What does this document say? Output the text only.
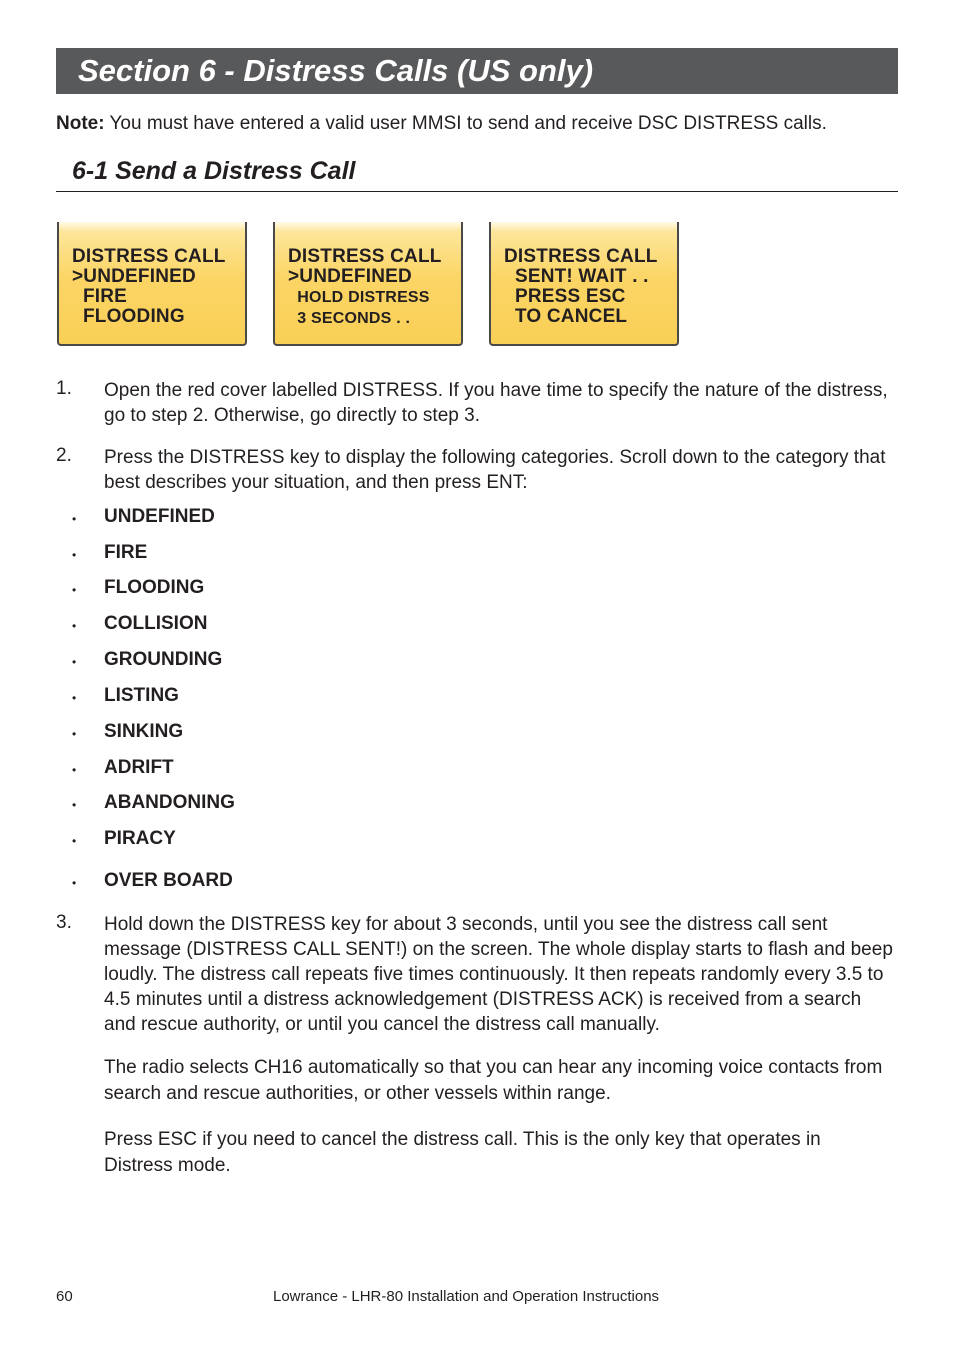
Section 6 - Distress Calls (US only)

Note: You must have entered a valid user MMSI to send and receive DSC DISTRESS calls.

6-1 Send a Distress Call
DISTRESS CALL
>UNDEFINED
FIRE
FLOODING
DISTRESS CALL
>UNDEFINED
HOLD DISTRESS
3 SECONDS . .
DISTRESS CALL
SENT! WAIT . .
PRESS ESC
TO CANCEL
1. Open the red cover labelled DISTRESS. If you have time to specify the nature of the distress, go to step 2. Otherwise, go directly to step 3.

2. Press the DISTRESS key to display the following categories. Scroll down to the category that best describes your situation, and then press ENT:

• UNDEFINED
• FIRE
• FLOODING
• COLLISION
• GROUNDING
• LISTING
• SINKING
• ADRIFT
• ABANDONING
• PIRACY
• OVER BOARD
3. Hold down the DISTRESS key for about 3 seconds, until you see the distress call sent message (DISTRESS CALL SENT!) on the screen. The whole display starts to flash and beep loudly. The distress call repeats five times continuously. It then repeats randomly every 3.5 to 4.5 minutes until a distress acknowledgement (DISTRESS ACK) is received from a search and rescue authority, or until you cancel the distress call manually.

The radio selects CH16 automatically so that you can hear any incoming voice contacts from search and rescue authorities, or other vessels within range.

Press ESC if you need to cancel the distress call. This is the only key that operates in Distress mode.

60	Lowrance - LHR-80 Installation and Operation Instructions
